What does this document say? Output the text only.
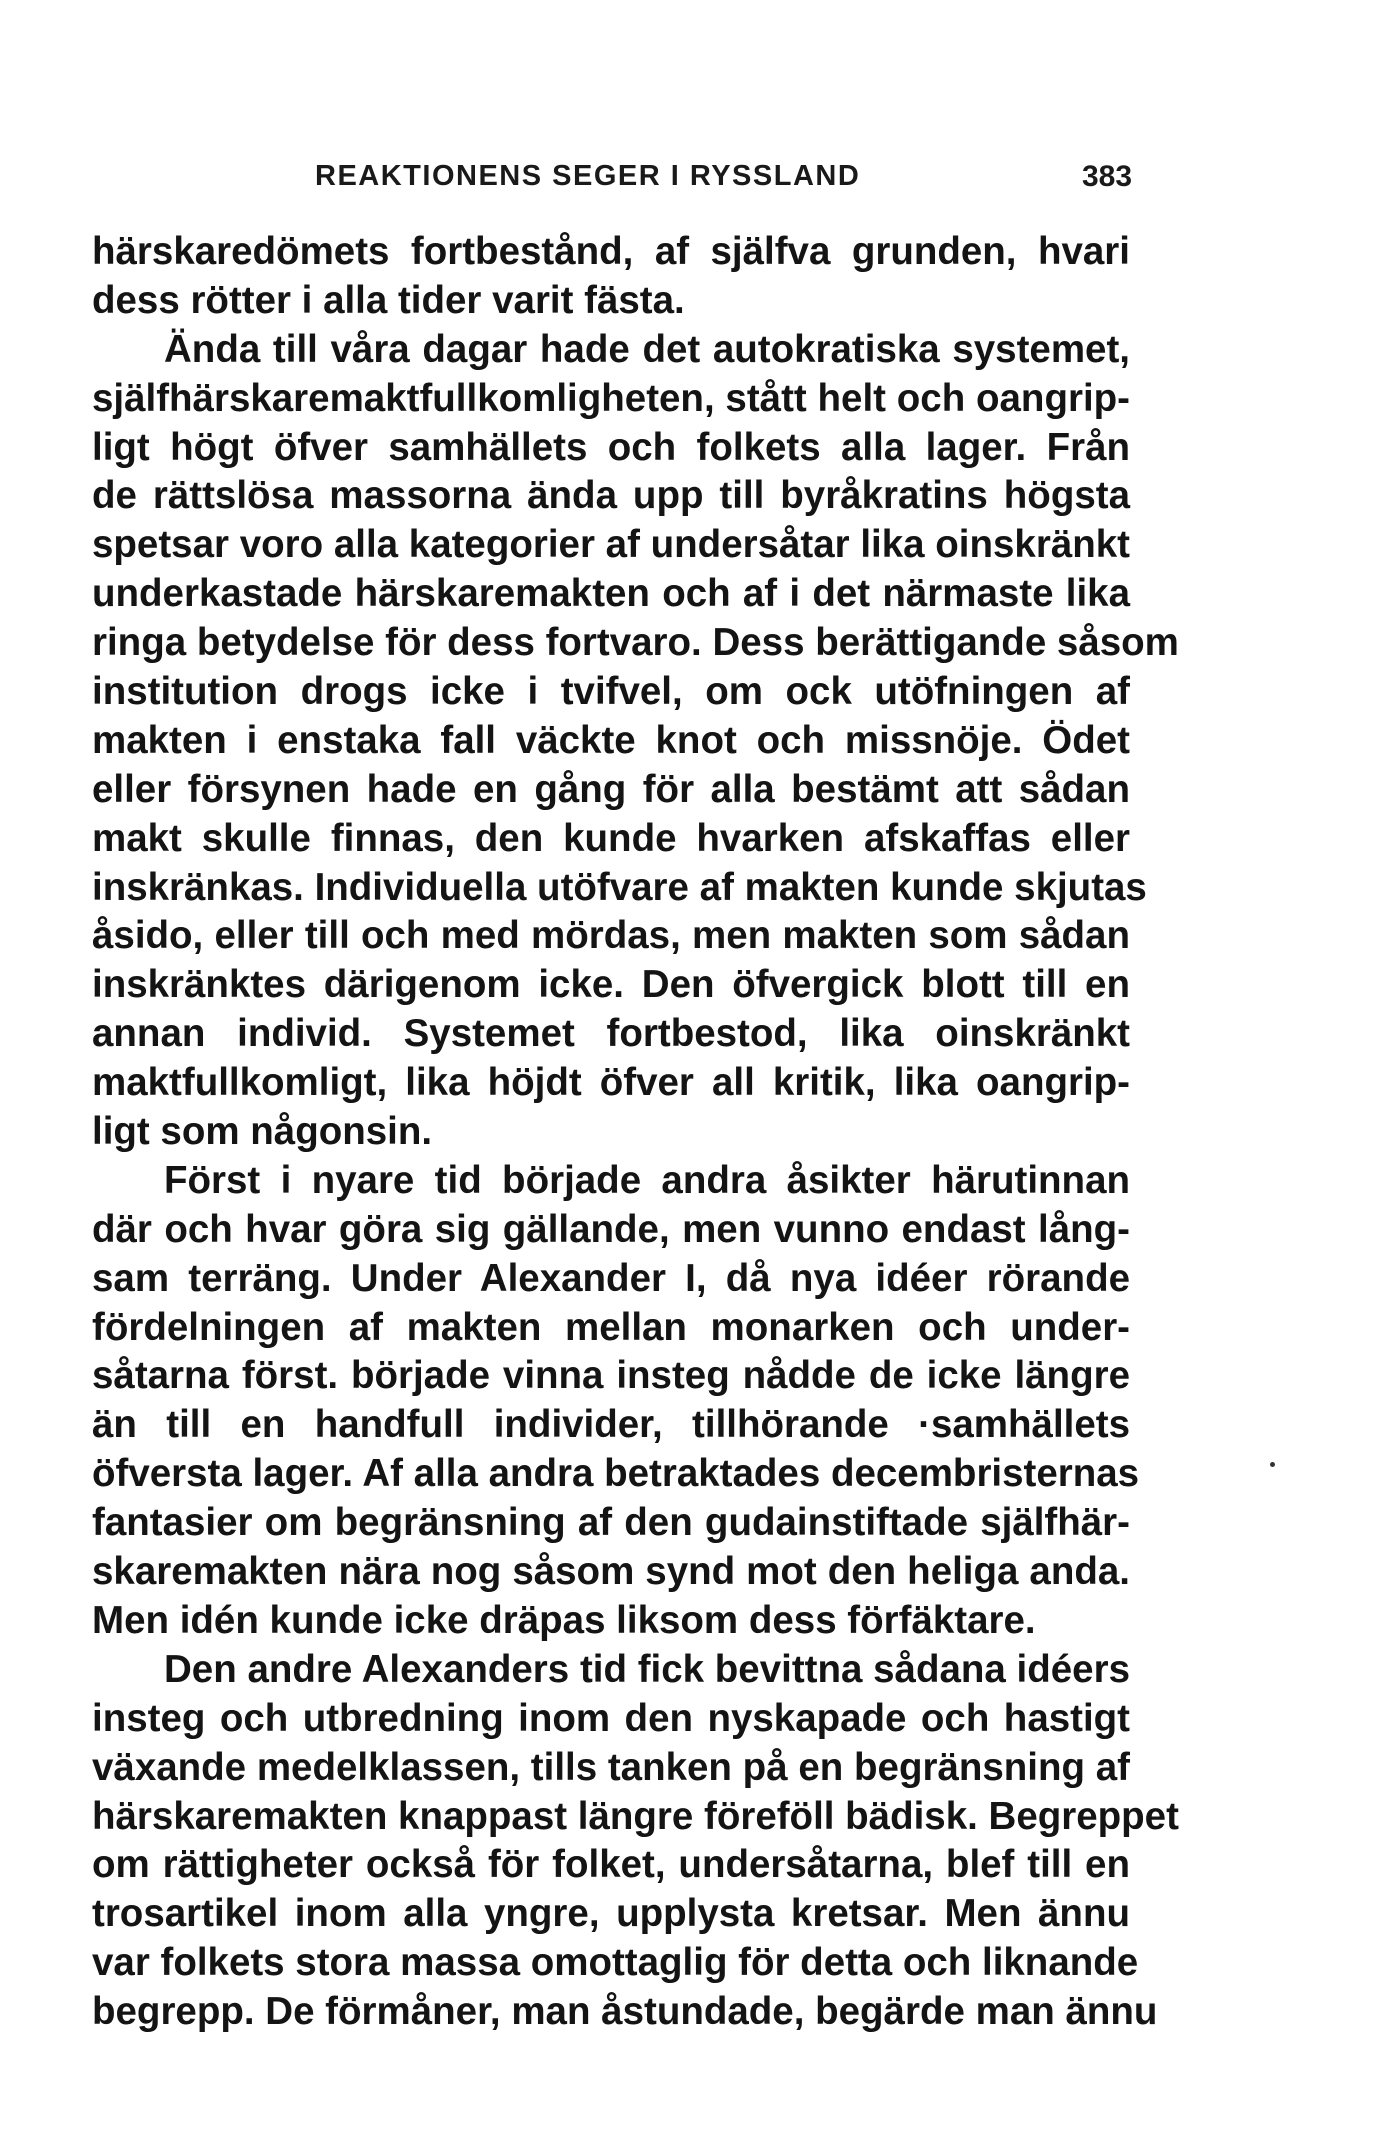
REAKTIONENS SEGER I RYSSLAND	383
härskaredömets fortbestånd, af själfva grunden, hvari
dess rötter i alla tider varit fästa.
Ända till våra dagar hade det autokratiska systemet,
själfhärskaremaktfullkomligheten, stått helt och oangrip-
ligt högt öfver samhällets och folkets alla lager. Från
de rättslösa massorna ända upp till byråkratins högsta
spetsar voro alla kategorier af undersåtar lika oinskränkt
underkastade härskaremakten och af i det närmaste lika
ringa betydelse för dess fortvaro. Dess berättigande såsom
institution drogs icke i tvifvel, om ock utöfningen af
makten i enstaka fall väckte knot och missnöje. Ödet
eller försynen hade en gång för alla bestämt att sådan
makt skulle finnas, den kunde hvarken afskaffas eller
inskränkas. Individuella utöfvare af makten kunde skjutas
åsido, eller till och med mördas, men makten som sådan
inskränktes därigenom icke. Den öfvergick blott till en
annan individ. Systemet fortbestod, lika oinskränkt
maktfullkomligt, lika höjdt öfver all kritik, lika oangrip-
ligt som någonsin.
Först i nyare tid började andra åsikter härutinnan
där och hvar göra sig gällande, men vunno endast lång-
sam terräng. Under Alexander I, då nya idéer rörande
fördelningen af makten mellan monarken och under-
såtarna först. började vinna insteg nådde de icke längre
än till en handfull individer, tillhörande ·samhällets
öfversta lager. Af alla andra betraktades decembristernas
fantasier om begränsning af den gudainstiftade själfhär-
skaremakten nära nog såsom synd mot den heliga anda.
Men idén kunde icke dräpas liksom dess förfäktare.
Den andre Alexanders tid fick bevittna sådana idéers
insteg och utbredning inom den nyskapade och hastigt
växande medelklassen, tills tanken på en begränsning af
härskaremakten knappast längre föreföll bädisk. Begreppet
om rättigheter också för folket, undersåtarna, blef till en
trosartikel inom alla yngre, upplysta kretsar. Men ännu
var folkets stora massa omottaglig för detta och liknande
begrepp. De förmåner, man åstundade, begärde man ännu
